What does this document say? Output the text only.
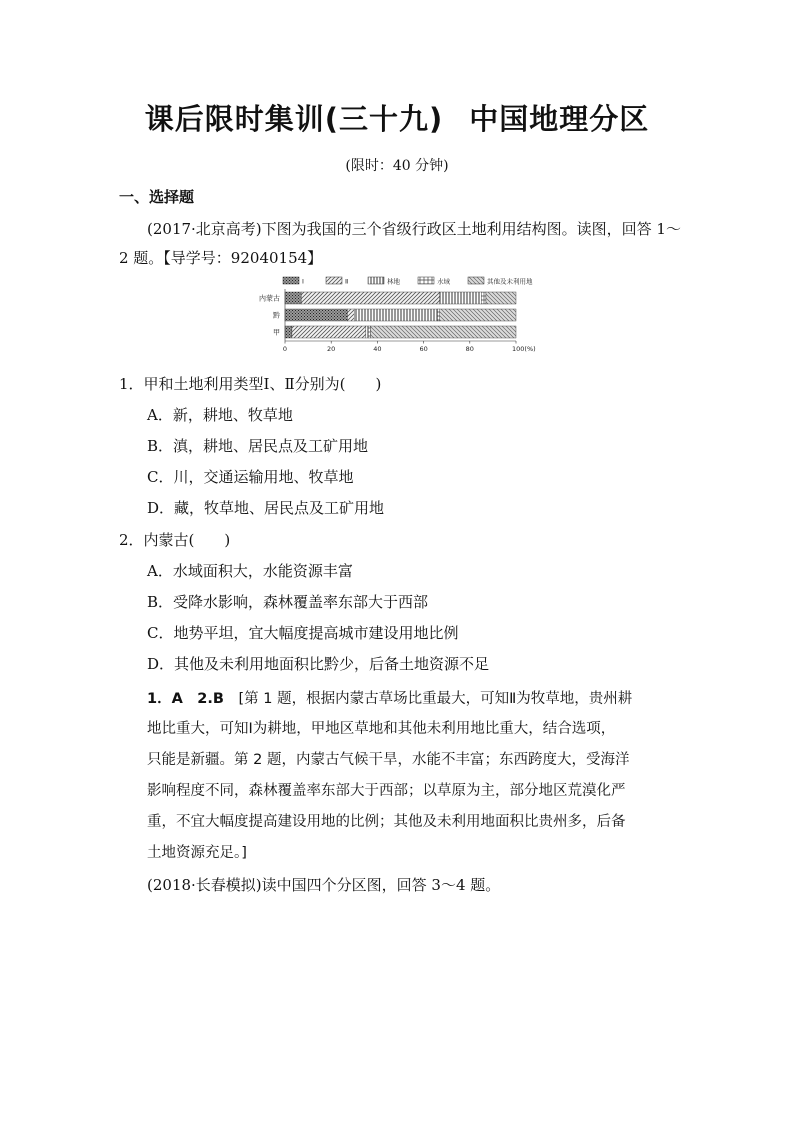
课后限时集训(三十九) 中国地理分区
(限时：40 分钟)
一、选择题
(2017·北京高考)下图为我国的三个省级行政区土地利用结构图。读图，回答 1～
2 题。【导学号：92040154】
Ⅰ	Ⅱ	林地	水域	其他及未利用地
内蒙古
黔
甲
0	20	40	60	80	100(%)
1．甲和土地利用类型Ⅰ、Ⅱ分别为(　　)
A．新，耕地、牧草地
B．滇，耕地、居民点及工矿用地
C．川，交通运输用地、牧草地
D．藏，牧草地、居民点及工矿用地
2．内蒙古(　　)
A．水域面积大，水能资源丰富
B．受降水影响，森林覆盖率东部大于西部
C．地势平坦，宜大幅度提高城市建设用地比例
D．其他及未利用地面积比黔少，后备土地资源不足
1．A　2.B　[第 1 题，根据内蒙古草场比重最大，可知Ⅱ为牧草地，贵州耕
地比重大，可知Ⅰ为耕地，甲地区草地和其他未利用地比重大，结合选项，
只能是新疆。第 2 题，内蒙古气候干旱，水能不丰富；东西跨度大，受海洋
影响程度不同，森林覆盖率东部大于西部；以草原为主，部分地区荒漠化严
重，不宜大幅度提高建设用地的比例；其他及未利用地面积比贵州多，后备
土地资源充足。]
(2018·长春模拟)读中国四个分区图，回答 3～4 题。
